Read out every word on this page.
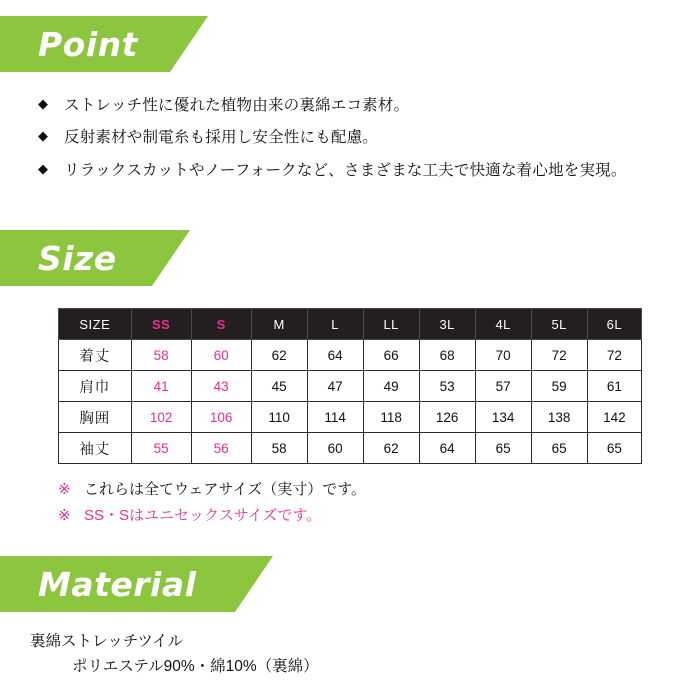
Point
◆	ストレッチ性に優れた植物由来の裏綿エコ素材。
◆	反射素材や制電糸も採用し安全性にも配慮。
◆	リラックスカットやノーフォークなど、さまざまな工夫で快適な着心地を実現。
Size
SIZE	SS	S	M	L	LL	3L	4L	5L	6L
着丈	58	60	62	64	66	68	70	72	72
肩巾	41	43	45	47	49	53	57	59	61
胸囲	102	106	110	114	118	126	134	138	142
袖丈	55	56	58	60	62	64	65	65	65
※ これらは全てウェアサイズ（実寸）です。
※ SS・Sはユニセックスサイズです。
Material
裏綿ストレッチツイル
ポリエステル90%・綿10%（裏綿）
